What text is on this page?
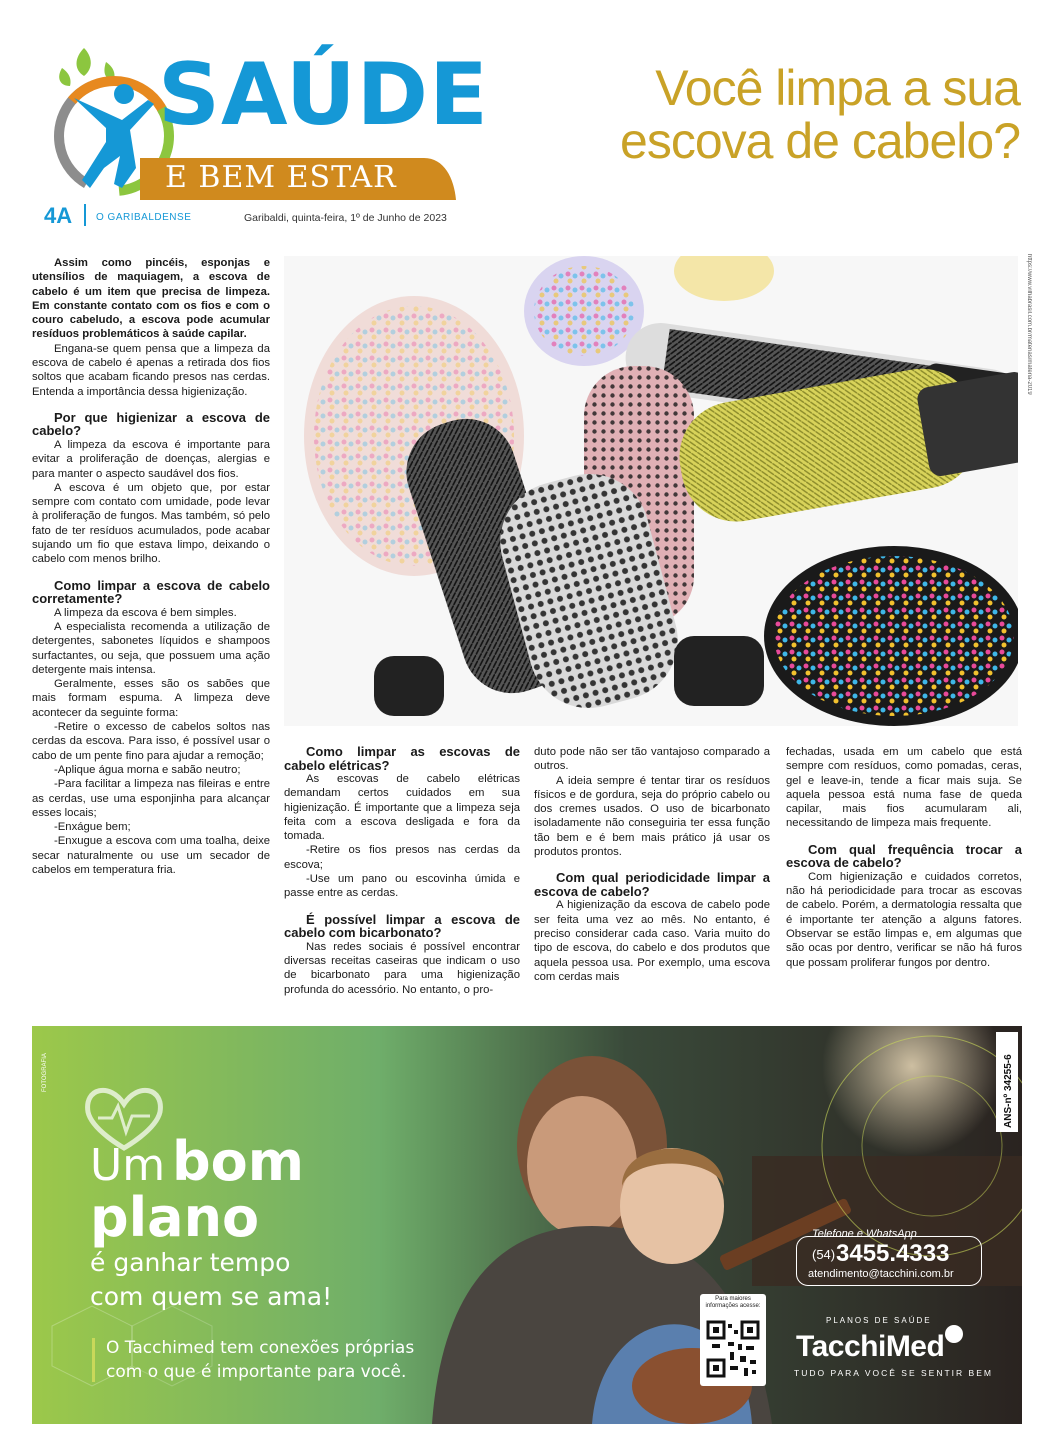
SAÚDE
E BEM ESTAR
Você limpa a sua
escova de cabelo?
4A O GARIBALDENSE	Garibaldi, quinta-feira, 1º de Junho de 2023
https://www.vilhabrasil.com.br/materias/materia-2019

Assim como pincéis, esponjas e utensílios de maquiagem, a escova de cabelo é um item que precisa de limpeza. Em constante contato com os fios e com o couro cabeludo, a escova pode acumular resíduos problemáticos à saúde capilar.

Engana-se quem pensa que a limpeza da escova de cabelo é apenas a retirada dos fios soltos que acabam ficando presos nas cerdas. Entenda a importância dessa higienização.

Por que higienizar a escova de cabelo?

A limpeza da escova é importante para evitar a proliferação de doenças, alergias e para manter o aspecto saudável dos fios.

A escova é um objeto que, por estar sempre com contato com umidade, pode levar à proliferação de fungos. Mas também, só pelo fato de ter resíduos acumulados, pode acabar sujando um fio que estava limpo, deixando o cabelo com menos brilho.

Como limpar a escova de cabelo corretamente?

A limpeza da escova é bem simples.

A especialista recomenda a utilização de detergentes, sabonetes líquidos e shampoos surfactantes, ou seja, que possuem uma ação detergente mais intensa.

Geralmente, esses são os sabões que mais formam espuma. A limpeza deve acontecer da seguinte forma:

-Retire o excesso de cabelos soltos nas cerdas da escova. Para isso, é possível usar o cabo de um pente fino para ajudar a remoção;

-Aplique água morna e sabão neutro;

-Para facilitar a limpeza nas fileiras e entre as cerdas, use uma esponjinha para alcançar esses locais;

-Enxágue bem;

-Enxugue a escova com uma toalha, deixe secar naturalmente ou use um secador de cabelos em temperatura fria.

Como limpar as escovas de cabelo elétricas?

As escovas de cabelo elétricas demandam certos cuidados em sua higienização. É importante que a limpeza seja feita com a escova desligada e fora da tomada.

-Retire os fios presos nas cerdas da escova;

-Use um pano ou escovinha úmida e passe entre as cerdas.

É possível limpar a escova de cabelo com bicarbonato?

Nas redes sociais é possível encontrar diversas receitas caseiras que indicam o uso de bicarbonato para uma higienização profunda do acessório. No entanto, o pro-

duto pode não ser tão vantajoso comparado a outros.

A ideia sempre é tentar tirar os resíduos físicos e de gordura, seja do próprio cabelo ou dos cremes usados. O uso de bicarbonato isoladamente não conseguiria ter essa função tão bem e é bem mais prático já usar os produtos prontos.

Com qual periodicidade limpar a escova de cabelo?

A higienização da escova de cabelo pode ser feita uma vez ao mês. No entanto, é preciso considerar cada caso. Varia muito do tipo de escova, do cabelo e dos produtos que aquela pessoa usa. Por exemplo, uma escova com cerdas mais

fechadas, usada em um cabelo que está sempre com resíduos, como pomadas, ceras, gel e leave-in, tende a ficar mais suja. Se aquela pessoa está numa fase de queda capilar, mais fios acumularam ali, necessitando de limpeza mais frequente.

Com qual frequência trocar a escova de cabelo?

Com higienização e cuidados corretos, não há periodicidade para trocar as escovas de cabelo. Porém, a dermatologia ressalta que é importante ter atenção a alguns fatores. Observar se estão limpas e, em algumas que são ocas por dentro, verificar se não há furos que possam proliferar fungos por dentro.

FOTOGRAFIA
Um bom
plano
é ganhar tempo
com quem se ama!
O Tacchimed tem conexões próprias
com o que é importante para você.
Para maiores informações acesse:
Telefone e WhatsApp
(54) 3455.4333
atendimento@tacchini.com.br
PLANOS DE SAÚDE
TacchiMed
TUDO PARA VOCÊ SE SENTIR BEM
ANS-nº 34255-6
